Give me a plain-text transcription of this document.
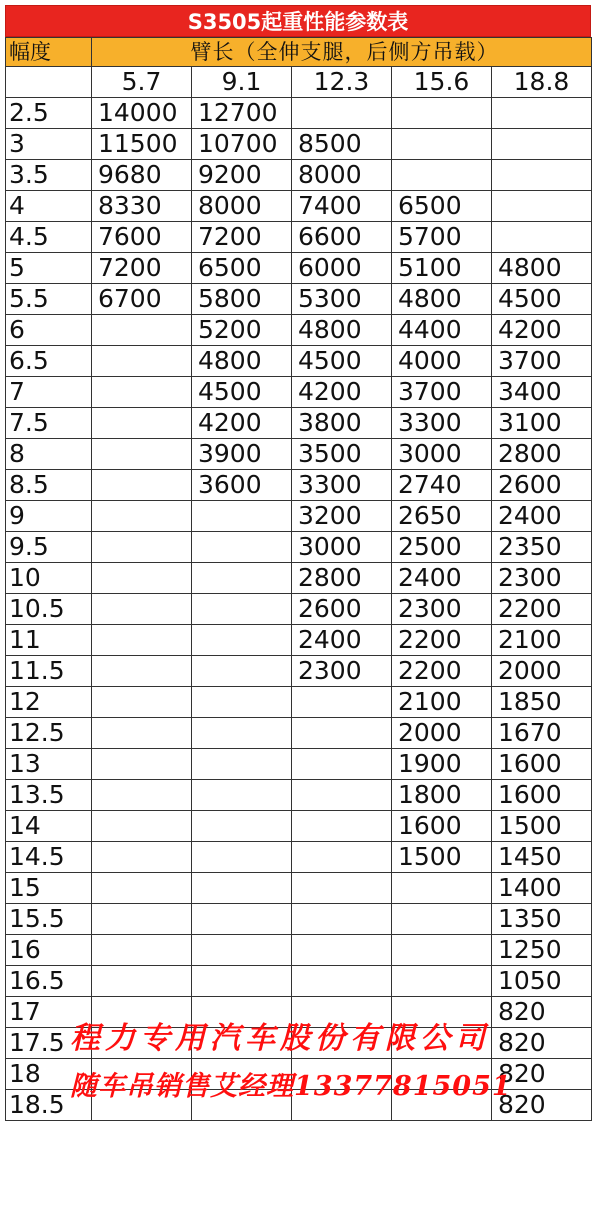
S3505起重性能参数表
幅度	臂长（全伸支腿，后侧方吊载）				
	5.7	9.1	12.3	15.6	18.8
2.5	14000	12700			
3	11500	10700	8500		
3.5	9680	9200	8000		
4	8330	8000	7400	6500	
4.5	7600	7200	6600	5700	
5	7200	6500	6000	5100	4800
5.5	6700	5800	5300	4800	4500
6		5200	4800	4400	4200
6.5		4800	4500	4000	3700
7		4500	4200	3700	3400
7.5		4200	3800	3300	3100
8		3900	3500	3000	2800
8.5		3600	3300	2740	2600
9			3200	2650	2400
9.5			3000	2500	2350
10			2800	2400	2300
10.5			2600	2300	2200
11			2400	2200	2100
11.5			2300	2200	2000
12				2100	1850
12.5				2000	1670
13				1900	1600
13.5				1800	1600
14				1600	1500
14.5				1500	1450
15					1400
15.5					1350
16					1250
16.5					1050
17					820
17.5					820
18					820
18.5					820
程力专用汽车股份有限公司
随车吊销售艾经理13377815051
